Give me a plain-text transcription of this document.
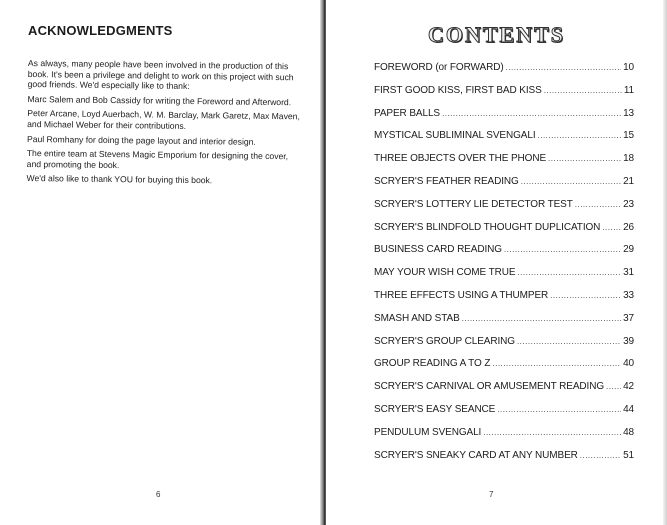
ACKNOWLEDGMENTS

As always, many people have been involved in the production of this book. It's been a privilege and delight to work on this project with such good friends. We'd especially like to thank:

Marc Salem and Bob Cassidy for writing the Foreword and Afterword.

Peter Arcane, Loyd Auerbach, W. M. Barclay, Mark Garetz, Max Maven, and Michael Weber for their contributions.

Paul Romhany for doing the page layout and interior design.

The entire team at Stevens Magic Emporium for designing the cover, and promoting the book.

We'd also like to thank YOU for buying this book.

6
CONTENTS
FOREWORD (or FORWARD) .....	10
FIRST GOOD KISS, FIRST BAD KISS .....	11
PAPER BALLS .....	13
MYSTICAL SUBLIMINAL SVENGALI .....	15
THREE OBJECTS OVER THE PHONE .....	18
SCRYER'S FEATHER READING .....	21
SCRYER'S LOTTERY LIE DETECTOR TEST .....	23
SCRYER'S BLINDFOLD THOUGHT DUPLICATION ..... 26
BUSINESS CARD READING .....	29
MAY YOUR WISH COME TRUE .....	31
THREE EFFECTS USING A THUMPER .....	33
SMASH AND STAB .....	37
SCRYER'S GROUP CLEARING .....	39
GROUP READING A TO Z .....	40
SCRYER'S CARNIVAL OR AMUSEMENT READING ..... 42
SCRYER'S EASY SEANCE .....	44
PENDULUM SVENGALI .....	48
SCRYER'S SNEAKY CARD AT ANY NUMBER .....	51
7
